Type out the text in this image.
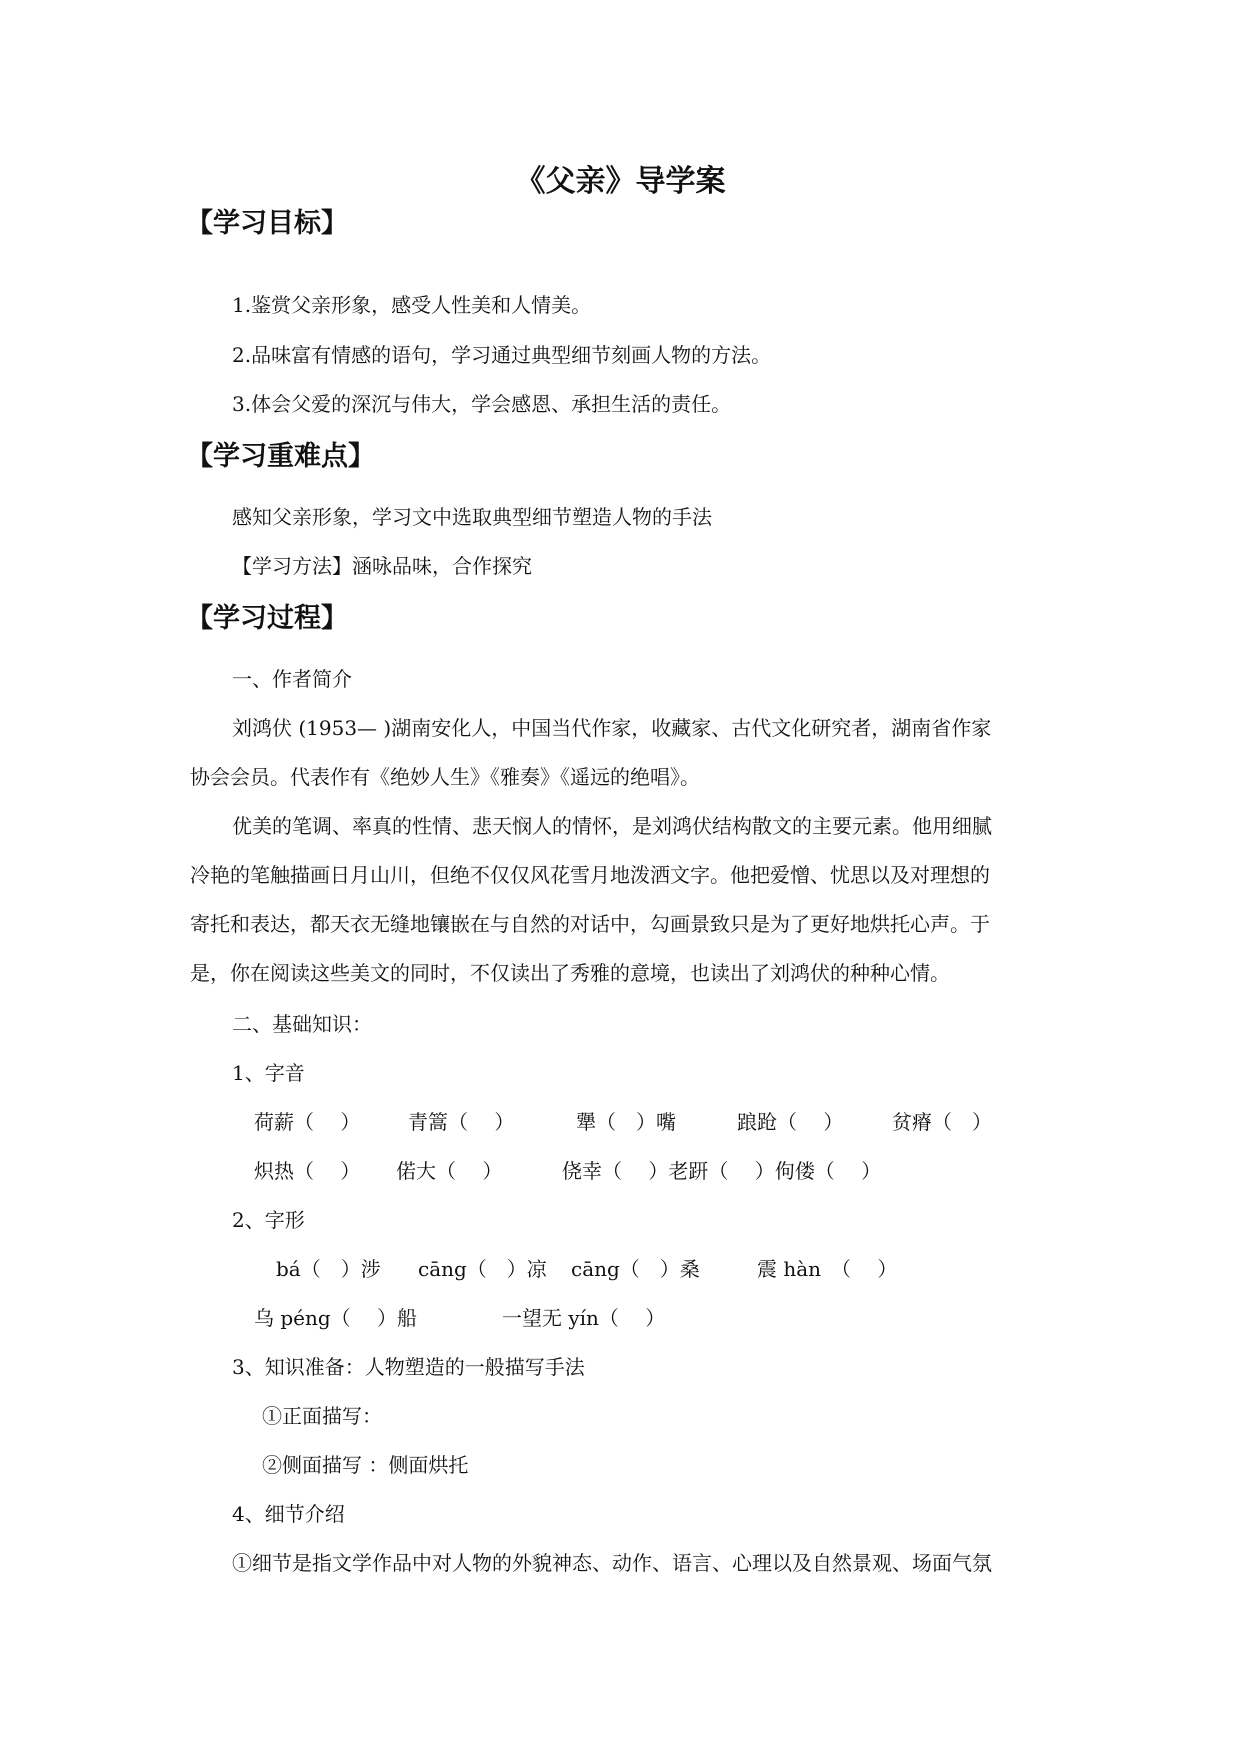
《父亲》导学案
【学习目标】
1.鉴赏父亲形象，感受人性美和人情美。
2.品味富有情感的语句，学习通过典型细节刻画人物的方法。
3.体会父爱的深沉与伟大，学会感恩、承担生活的责任。
【学习重难点】
感知父亲形象，学习文中选取典型细节塑造人物的手法
【学习方法】涵咏品味，合作探究
【学习过程】
一、作者简介
刘鸿伏 (1953— )湖南安化人，中国当代作家，收藏家、古代文化研究者，湖南省作家
协会会员。代表作有《绝妙人生》《雅奏》《遥远的绝唱》。
优美的笔调、率真的性情、悲天悯人的情怀，是刘鸿伏结构散文的主要元素。他用细腻
冷艳的笔触描画日月山川，但绝不仅仅风花雪月地泼洒文字。他把爱憎、忧思以及对理想的
寄托和表达，都天衣无缝地镶嵌在与自然的对话中，勾画景致只是为了更好地烘托心声。于
是，你在阅读这些美文的同时，不仅读出了秀雅的意境，也读出了刘鸿伏的种种心情。
二、基础知识：
1、字音
荷薪（　 ） 青篙（　 ）	犟（　）嘴	踉跄（　 ） 贫瘠（　）
炽热（　 ） 偌大（　 ）	侥幸（　 ）老趼（　 ）佝偻（　 ）
2、字形
bá（　）涉 cāng（　）凉 cāng（　）桑	震 hàn　（　 ）
乌 péng（　 ）船	一望无 yín（　 ）
3、知识准备：人物塑造的一般描写手法
①正面描写：
②侧面描写 ：侧面烘托
4、细节介绍
①细节是指文学作品中对人物的外貌神态、动作、语言、心理以及自然景观、场面气氛
